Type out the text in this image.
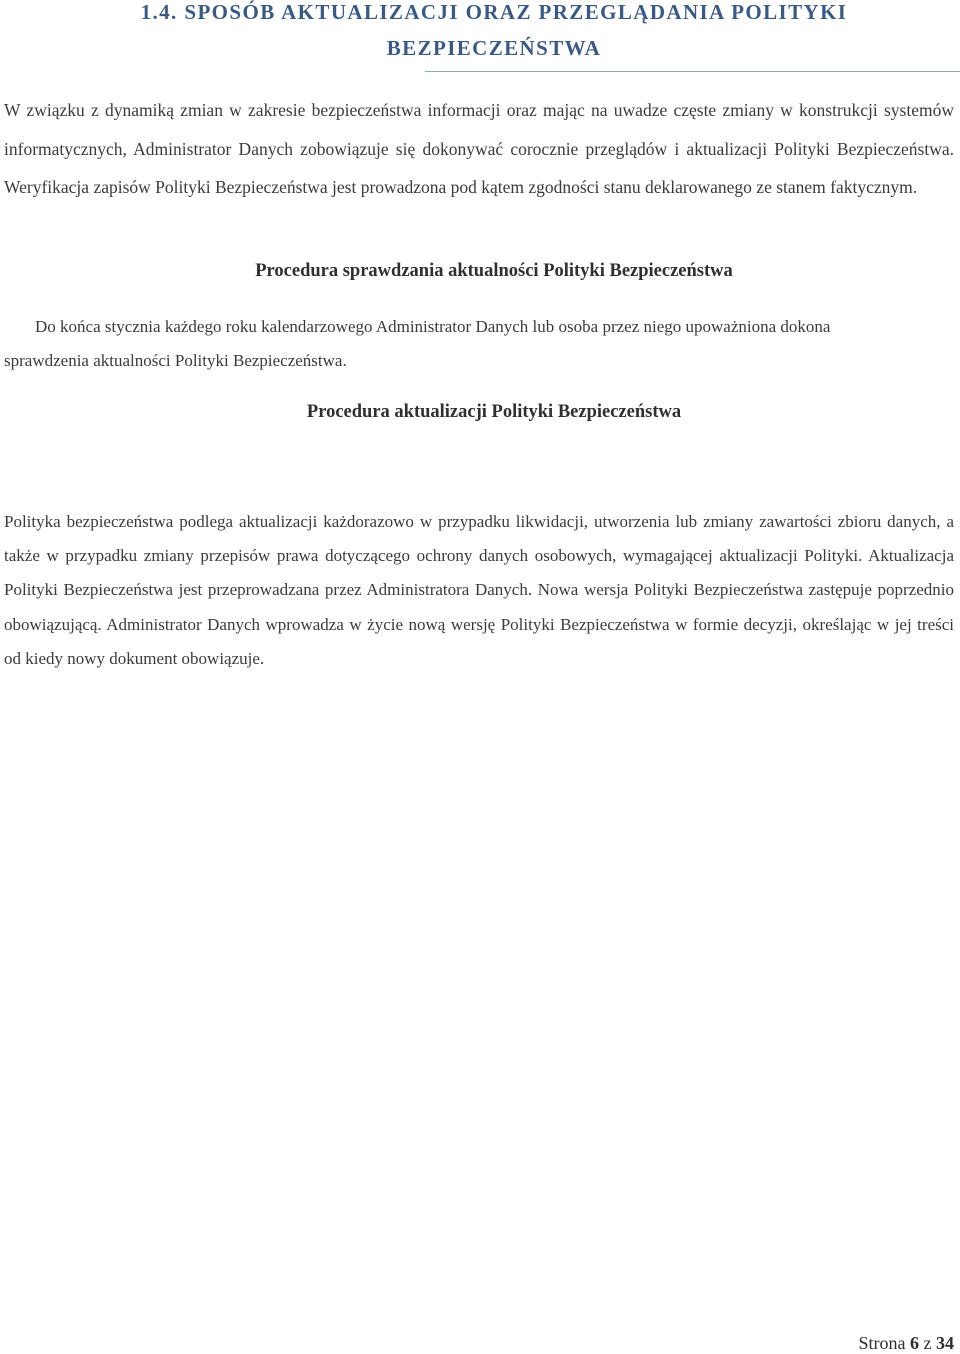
1.4. SPOSÓB AKTUALIZACJI ORAZ PRZEGLĄDANIA POLITYKI
BEZPIECZEŃSTWA

W związku z dynamiką zmian w zakresie bezpieczeństwa informacji oraz mając na uwadze częste zmiany w konstrukcji systemów informatycznych, Administrator Danych zobowiązuje się dokonywać corocznie przeglądów i aktualizacji Polityki Bezpieczeństwa. Weryfikacja zapisów Polityki Bezpieczeństwa jest prowadzona pod kątem zgodności stanu deklarowanego ze stanem faktycznym.

Procedura sprawdzania aktualności Polityki Bezpieczeństwa

Do końca stycznia każdego roku kalendarzowego Administrator Danych lub osoba przez niego upoważniona dokona
sprawdzenia aktualności Polityki Bezpieczeństwa.

Procedura aktualizacji Polityki Bezpieczeństwa

Polityka bezpieczeństwa podlega aktualizacji każdorazowo w przypadku likwidacji, utworzenia lub zmiany zawartości zbioru danych, a także w przypadku zmiany przepisów prawa dotyczącego ochrony danych osobowych, wymagającej aktualizacji Polityki. Aktualizacja Polityki Bezpieczeństwa jest przeprowadzana przez Administratora Danych. Nowa wersja Polityki Bezpieczeństwa zastępuje poprzednio obowiązującą. Administrator Danych wprowadza w życie nową wersję Polityki Bezpieczeństwa w formie decyzji, określając w jej treści od kiedy nowy dokument obowiązuje.

Strona 6 z 34
